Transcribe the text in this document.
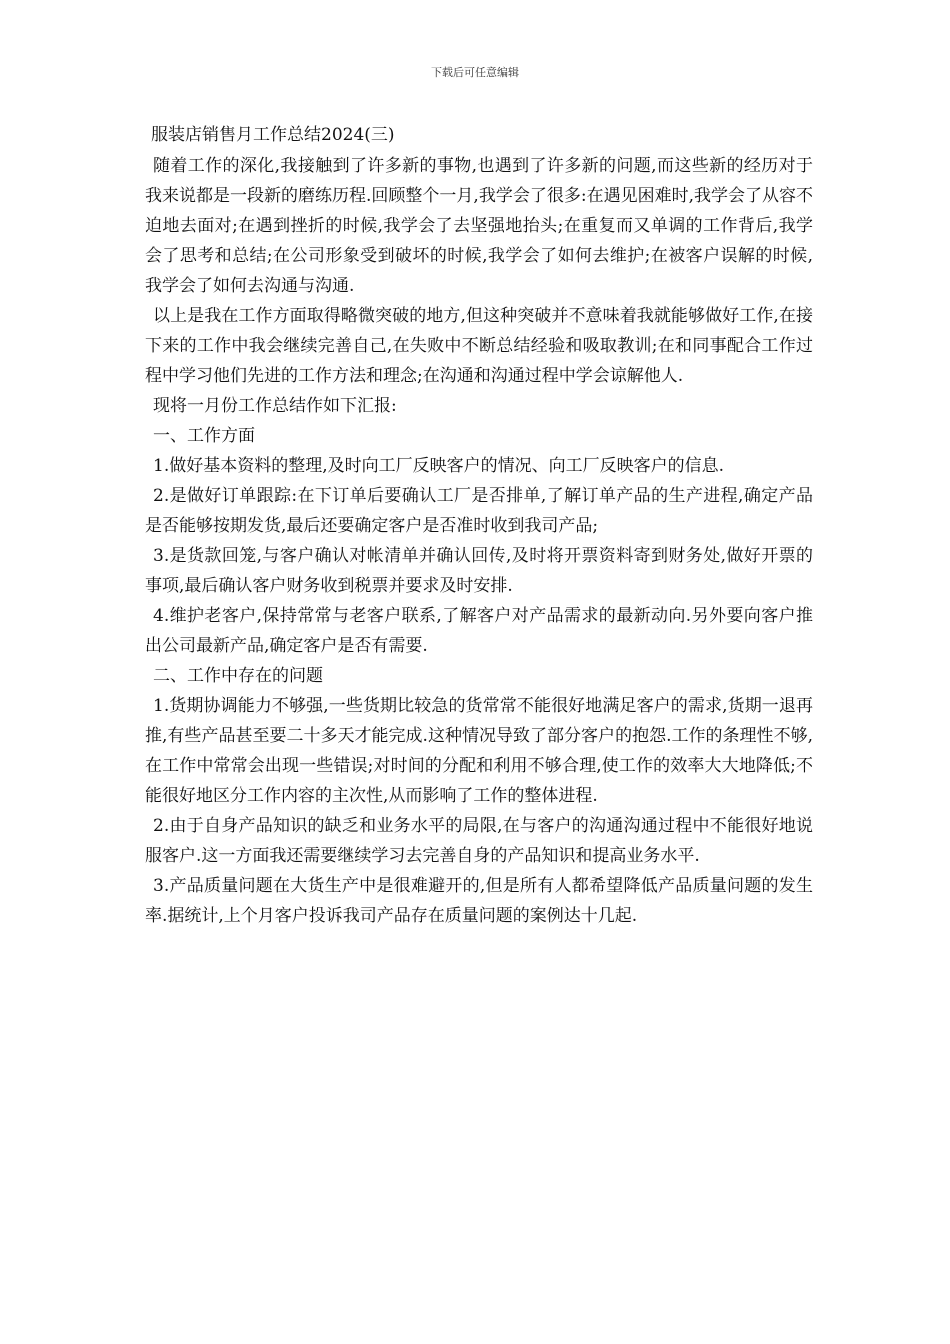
下载后可任意编辑
服装店销售月工作总结2024(三)

随着工作的深化,我接触到了许多新的事物,也遇到了许多新的问题,而这些新的经历对于我来说都是一段新的磨练历程.回顾整个一月,我学会了很多:在遇见困难时,我学会了从容不迫地去面对;在遇到挫折的时候,我学会了去坚强地抬头;在重复而又单调的工作背后,我学会了思考和总结;在公司形象受到破坏的时候,我学会了如何去维护;在被客户误解的时候,我学会了如何去沟通与沟通.

以上是我在工作方面取得略微突破的地方,但这种突破并不意味着我就能够做好工作,在接下来的工作中我会继续完善自己,在失败中不断总结经验和吸取教训;在和同事配合工作过程中学习他们先进的工作方法和理念;在沟通和沟通过程中学会谅解他人.

现将一月份工作总结作如下汇报:

一、工作方面

1.做好基本资料的整理,及时向工厂反映客户的情况、向工厂反映客户的信息.

2.是做好订单跟踪:在下订单后要确认工厂是否排单,了解订单产品的生产进程,确定产品是否能够按期发货,最后还要确定客户是否准时收到我司产品;

3.是货款回笼,与客户确认对帐清单并确认回传,及时将开票资料寄到财务处,做好开票的事项,最后确认客户财务收到税票并要求及时安排.

4.维护老客户,保持常常与老客户联系,了解客户对产品需求的最新动向.另外要向客户推出公司最新产品,确定客户是否有需要.

二、工作中存在的问题

1.货期协调能力不够强,一些货期比较急的货常常不能很好地满足客户的需求,货期一退再推,有些产品甚至要二十多天才能完成.这种情况导致了部分客户的抱怨.工作的条理性不够,在工作中常常会出现一些错误;对时间的分配和利用不够合理,使工作的效率大大地降低;不能很好地区分工作内容的主次性,从而影响了工作的整体进程.

2.由于自身产品知识的缺乏和业务水平的局限,在与客户的沟通沟通过程中不能很好地说服客户.这一方面我还需要继续学习去完善自身的产品知识和提高业务水平.

3.产品质量问题在大货生产中是很难避开的,但是所有人都希望降低产品质量问题的发生率.据统计,上个月客户投诉我司产品存在质量问题的案例达十几起.
